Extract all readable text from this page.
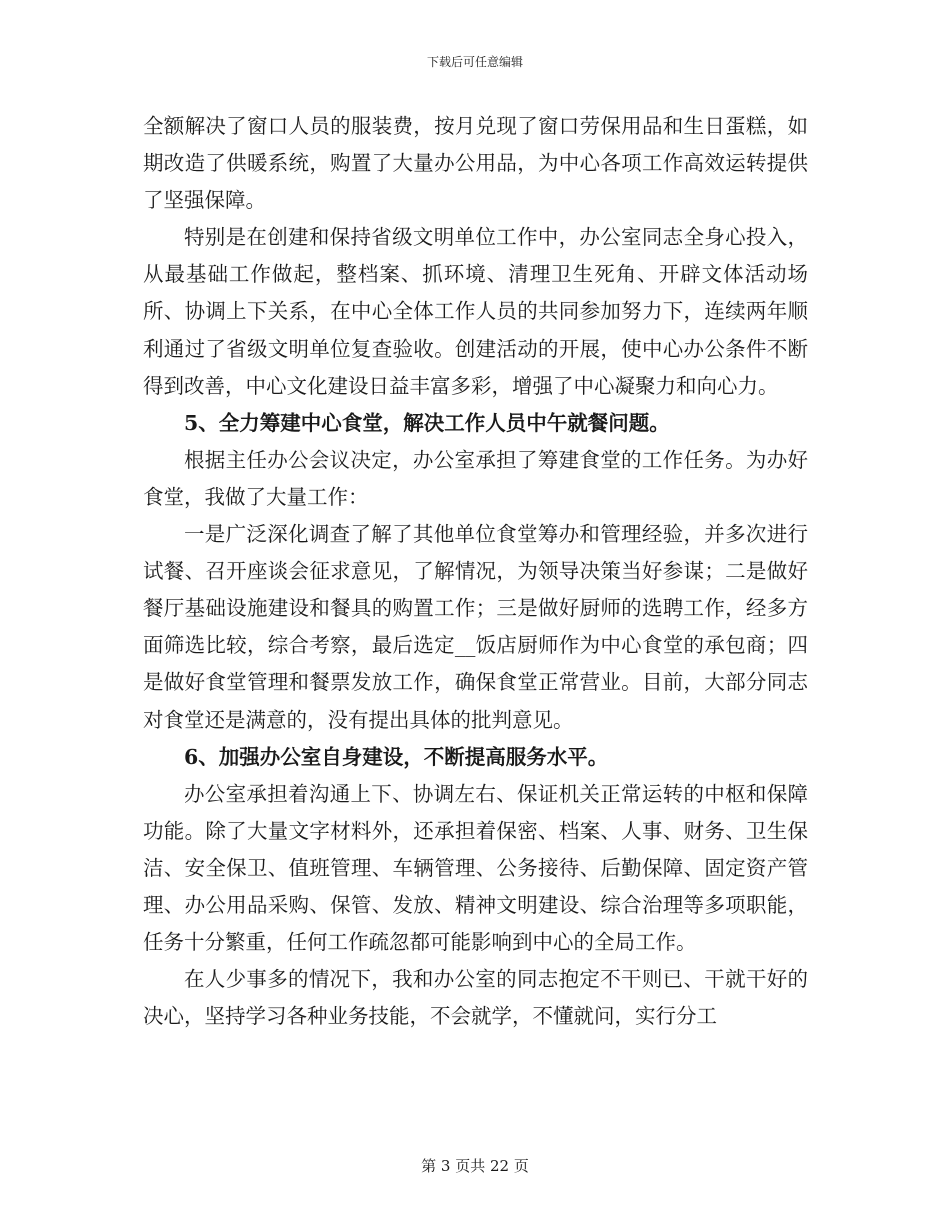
下载后可任意编辑

全额解决了窗口人员的服装费，按月兑现了窗口劳保用品和生日蛋糕，如期改造了供暖系统，购置了大量办公用品，为中心各项工作高效运转提供了坚强保障。

特别是在创建和保持省级文明单位工作中，办公室同志全身心投入，从最基础工作做起，整档案、抓环境、清理卫生死角、开辟文体活动场所、协调上下关系，在中心全体工作人员的共同参加努力下，连续两年顺利通过了省级文明单位复查验收。创建活动的开展，使中心办公条件不断得到改善，中心文化建设日益丰富多彩，增强了中心凝聚力和向心力。

5、全力筹建中心食堂，解决工作人员中午就餐问题。

根据主任办公会议决定，办公室承担了筹建食堂的工作任务。为办好食堂，我做了大量工作：

一是广泛深化调查了解了其他单位食堂筹办和管理经验，并多次进行试餐、召开座谈会征求意见，了解情况，为领导决策当好参谋；二是做好餐厅基础设施建设和餐具的购置工作；三是做好厨师的选聘工作，经多方面筛选比较，综合考察，最后选定__饭店厨师作为中心食堂的承包商；四是做好食堂管理和餐票发放工作，确保食堂正常营业。目前，大部分同志对食堂还是满意的，没有提出具体的批判意见。

6、加强办公室自身建设，不断提高服务水平。

办公室承担着沟通上下、协调左右、保证机关正常运转的中枢和保障功能。除了大量文字材料外，还承担着保密、档案、人事、财务、卫生保洁、安全保卫、值班管理、车辆管理、公务接待、后勤保障、固定资产管理、办公用品采购、保管、发放、精神文明建设、综合治理等多项职能，任务十分繁重，任何工作疏忽都可能影响到中心的全局工作。

在人少事多的情况下，我和办公室的同志抱定不干则已、干就干好的决心，坚持学习各种业务技能，不会就学，不懂就问，实行分工

第 3 页共 22 页
